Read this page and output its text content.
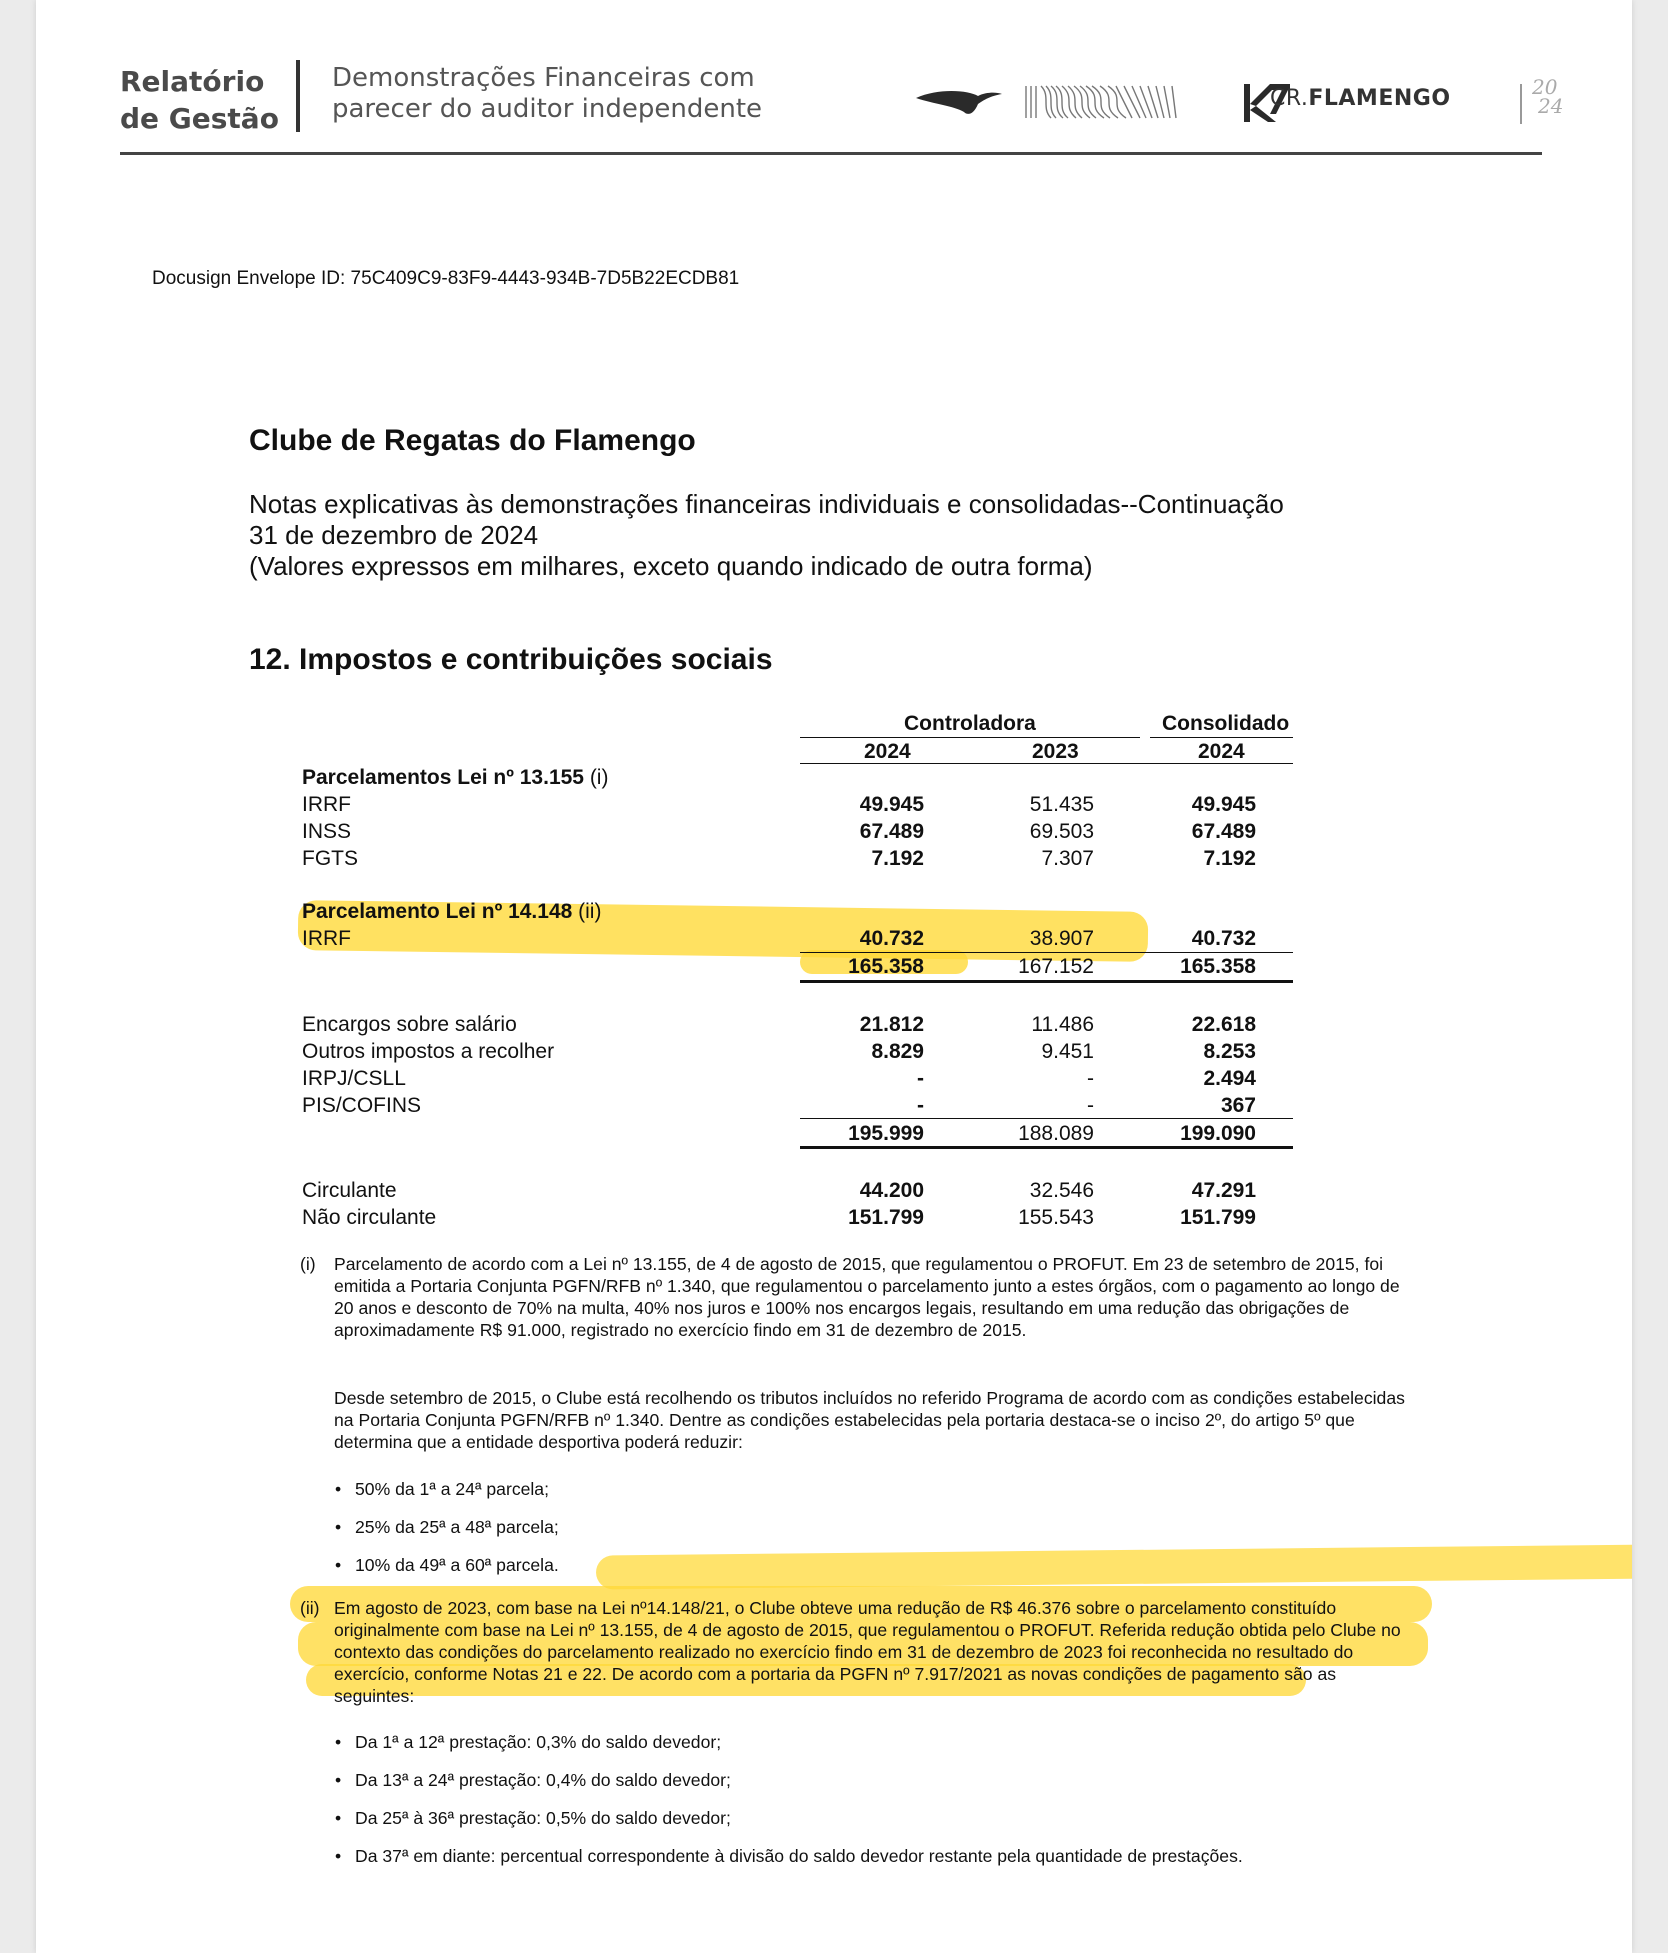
Relatório
de Gestão
Demonstrações Financeiras com
parecer do auditor independente	CR.FLAMENGO	20
24
Docusign Envelope ID: 75C409C9-83F9-4443-934B-7D5B22ECDB81
Clube de Regatas do Flamengo
Notas explicativas às demonstrações financeiras individuais e consolidadas--Continuação
31 de dezembro de 2024
(Valores expressos em milhares, exceto quando indicado de outra forma)
12. Impostos e contribuições sociais
Controladora	Consolidado
2024	2023	2024
Parcelamentos Lei nº 13.155 (i)
IRRF	49.945	51.435	49.945
INSS	67.489	69.503	67.489
FGTS	7.192	7.307	7.192
Parcelamento Lei nº 14.148 (ii)
IRRF	40.732	38.907	40.732
165.358	167.152	165.358
Encargos sobre salário	21.812	11.486	22.618
Outros impostos a recolher	8.829	9.451	8.253
IRPJ/CSLL	-	-	2.494
PIS/COFINS	-	-	367
195.999	188.089	199.090
Circulante	44.200	32.546	47.291
Não circulante	151.799	155.543	151.799
(i) Parcelamento de acordo com a Lei nº 13.155, de 4 de agosto de 2015, que regulamentou o PROFUT. Em 23 de setembro de 2015, foi emitida a Portaria Conjunta PGFN/RFB nº 1.340, que regulamentou o parcelamento junto a estes órgãos, com o pagamento ao longo de 20 anos e desconto de 70% na multa, 40% nos juros e 100% nos encargos legais, resultando em uma redução das obrigações de aproximadamente R$ 91.000, registrado no exercício findo em 31 de dezembro de 2015.
Desde setembro de 2015, o Clube está recolhendo os tributos incluídos no referido Programa de acordo com as condições estabelecidas na Portaria Conjunta PGFN/RFB nº 1.340. Dentre as condições estabelecidas pela portaria destaca-se o inciso 2º, do artigo 5º que determina que a entidade desportiva poderá reduzir:
• 50% da 1ª a 24ª parcela;
• 25% da 25ª a 48ª parcela;
• 10% da 49ª a 60ª parcela.
(ii) Em agosto de 2023, com base na Lei nº14.148/21, o Clube obteve uma redução de R$ 46.376 sobre o parcelamento constituído originalmente com base na Lei nº 13.155, de 4 de agosto de 2015, que regulamentou o PROFUT. Referida redução obtida pelo Clube no contexto das condições do parcelamento realizado no exercício findo em 31 de dezembro de 2023 foi reconhecida no resultado do exercício, conforme Notas 21 e 22. De acordo com a portaria da PGFN nº 7.917/2021 as novas condições de pagamento são as seguintes:
• Da 1ª a 12ª prestação: 0,3% do saldo devedor;
• Da 13ª a 24ª prestação: 0,4% do saldo devedor;
• Da 25ª à 36ª prestação: 0,5% do saldo devedor;
• Da 37ª em diante: percentual correspondente à divisão do saldo devedor restante pela quantidade de prestações.
